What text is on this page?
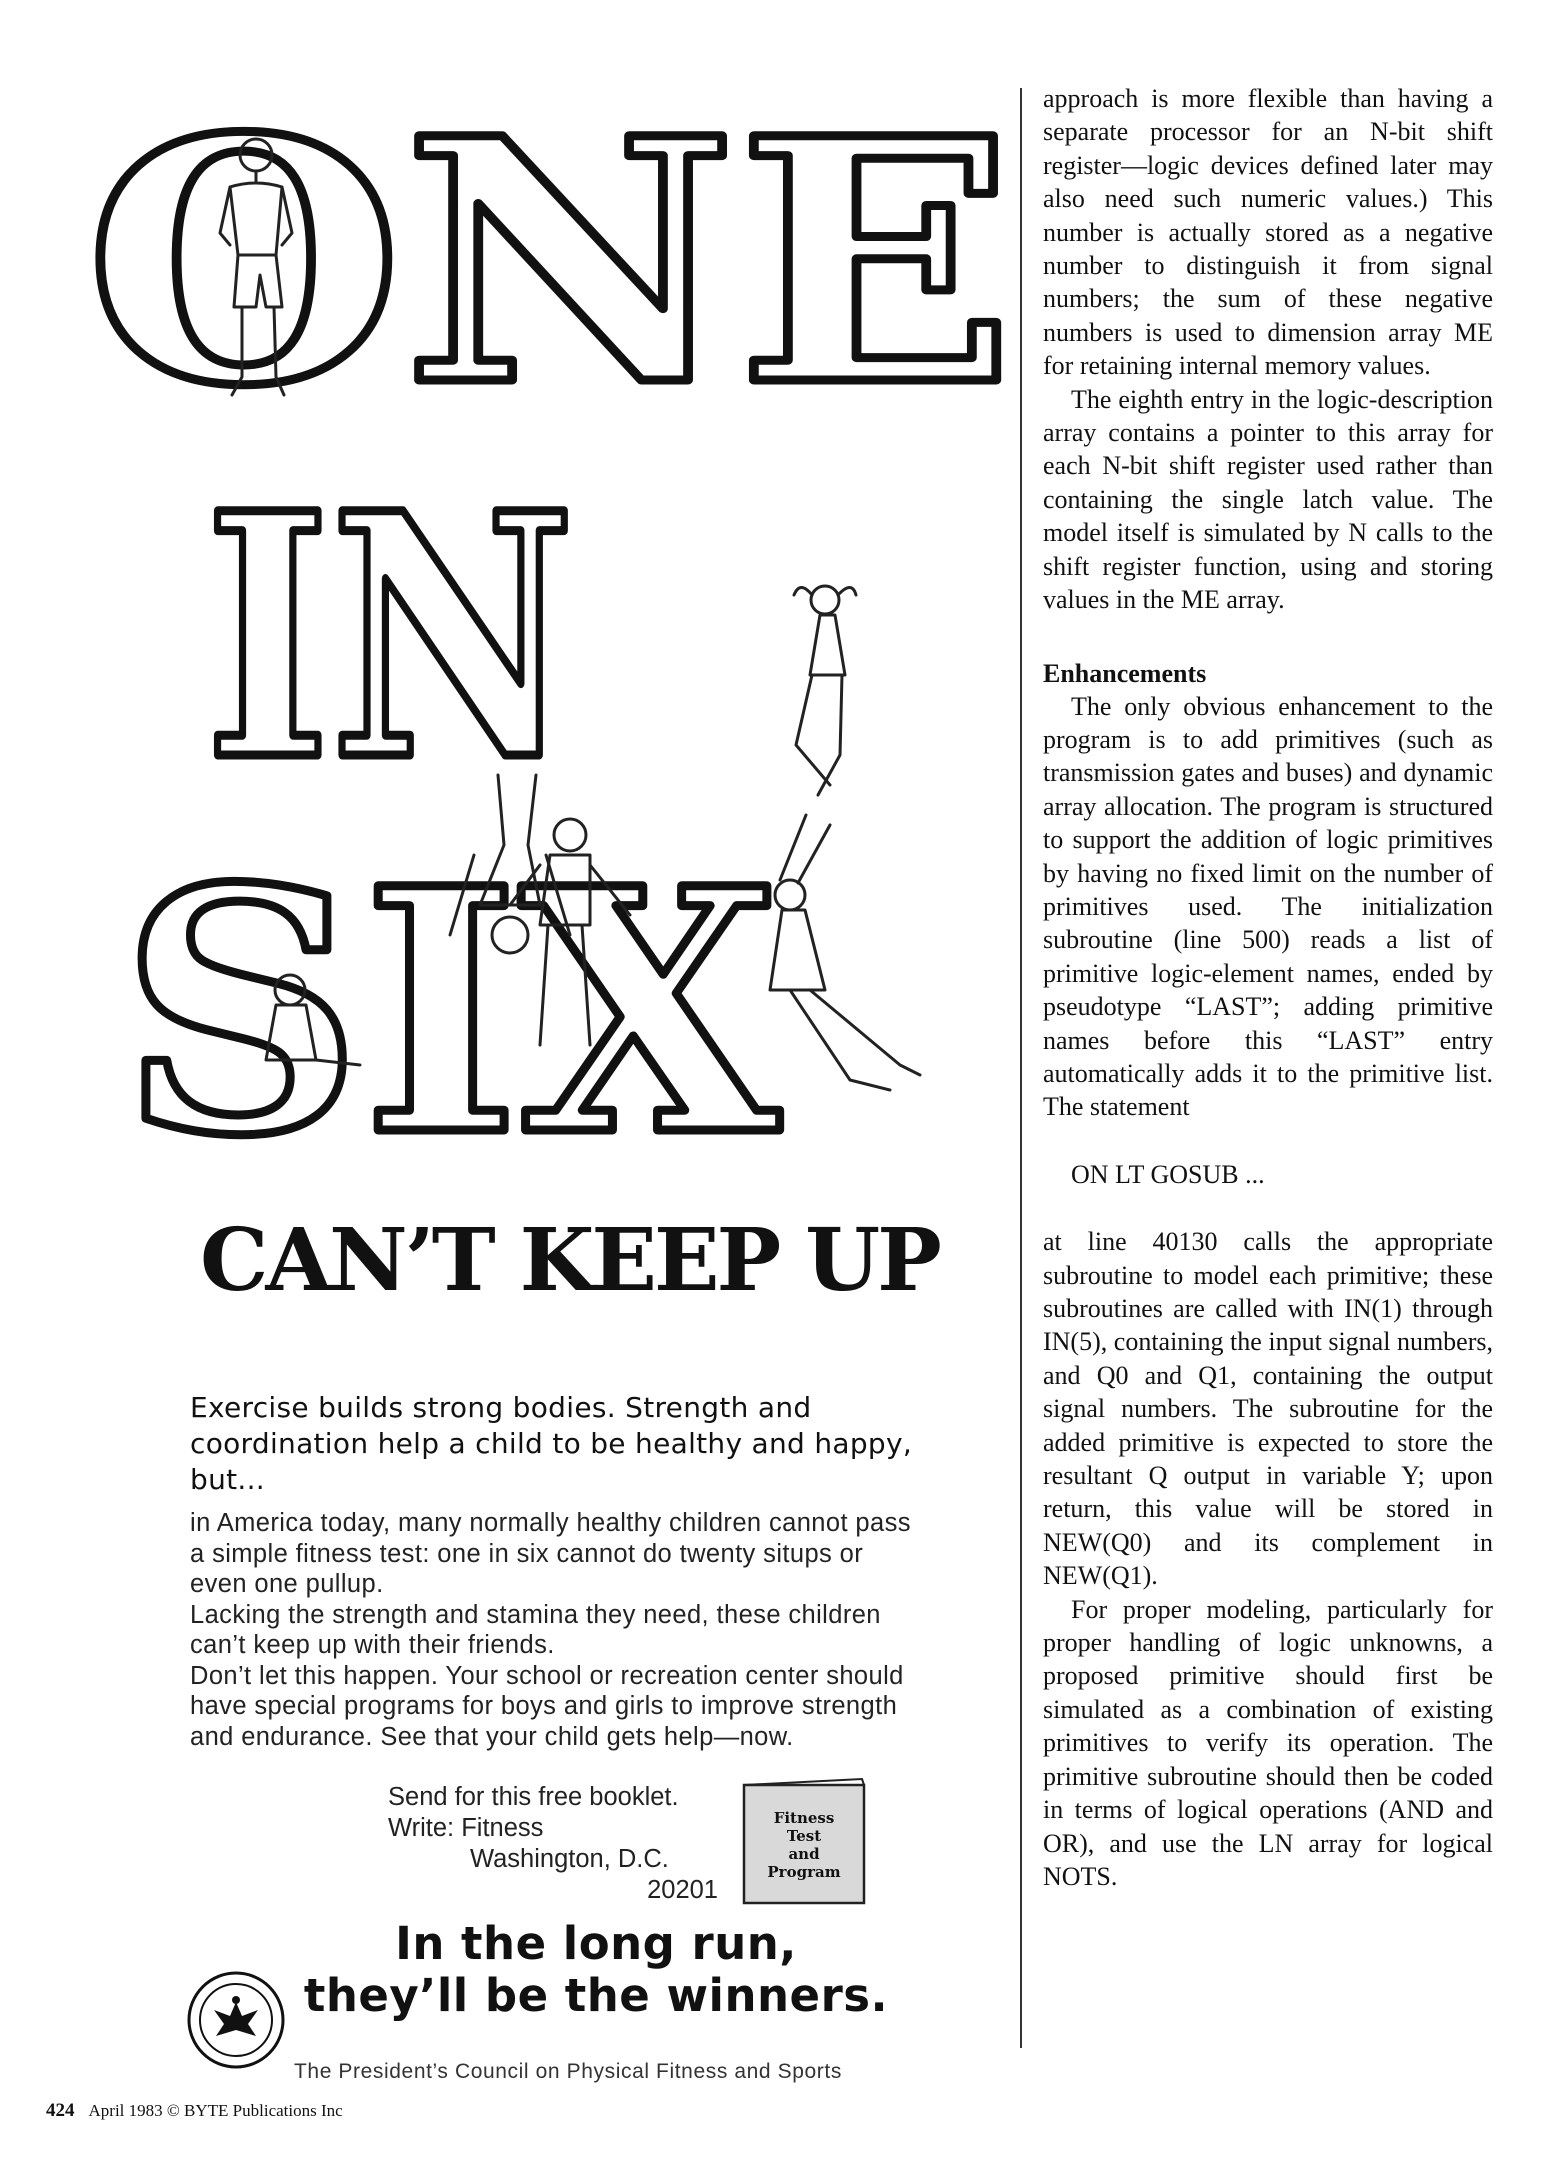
ONE
IN
SIX
CAN’T KEEP UP
Exercise builds strong bodies. Strength and coordination help a child to be healthy and happy, but...

in America today, many normally healthy children cannot pass a simple fitness test: one in six cannot do twenty situps or even one pullup.

Lacking the strength and stamina they need, these children can’t keep up with their friends.

Don’t let this happen. Your school or recreation center should have special programs for boys and girls to improve strength and endurance. See that your child gets help—now.

Send for this free booklet.
Write: Fitness
Washington, D.C.
20201
Fitness
Test
and
Program
In the long run,
they’ll be the winners.
The President’s Council on Physical Fitness and Sports
424 April 1983 © BYTE Publications Inc

approach is more flexible than having a separate processor for an N-bit shift register—logic devices defined later may also need such numeric values.) This number is actually stored as a negative number to distinguish it from signal numbers; the sum of these negative numbers is used to dimension array ME for retaining internal memory values.

The eighth entry in the logic-description array contains a pointer to this array for each N-bit shift register used rather than containing the single latch value. The model itself is simulated by N calls to the shift register function, using and storing values in the ME array.

Enhancements

The only obvious enhancement to the program is to add primitives (such as transmission gates and buses) and dynamic array allocation. The program is structured to support the addition of logic primitives by having no fixed limit on the number of primitives used. The initialization subroutine (line 500) reads a list of primitive logic-element names, ended by pseudotype “LAST”; adding primitive names before this “LAST” entry automatically adds it to the primitive list. The statement

ON LT GOSUB ...

at line 40130 calls the appropriate subroutine to model each primitive; these subroutines are called with IN(1) through IN(5), containing the input signal numbers, and Q0 and Q1, containing the output signal numbers. The subroutine for the added primitive is expected to store the resultant Q output in variable Y; upon return, this value will be stored in NEW(Q0) and its complement in NEW(Q1).

For proper modeling, particularly for proper handling of logic unknowns, a proposed primitive should first be simulated as a combination of existing primitives to verify its operation. The primitive subroutine should then be coded in terms of logical operations (AND and OR), and use the LN array for logical NOTS.
